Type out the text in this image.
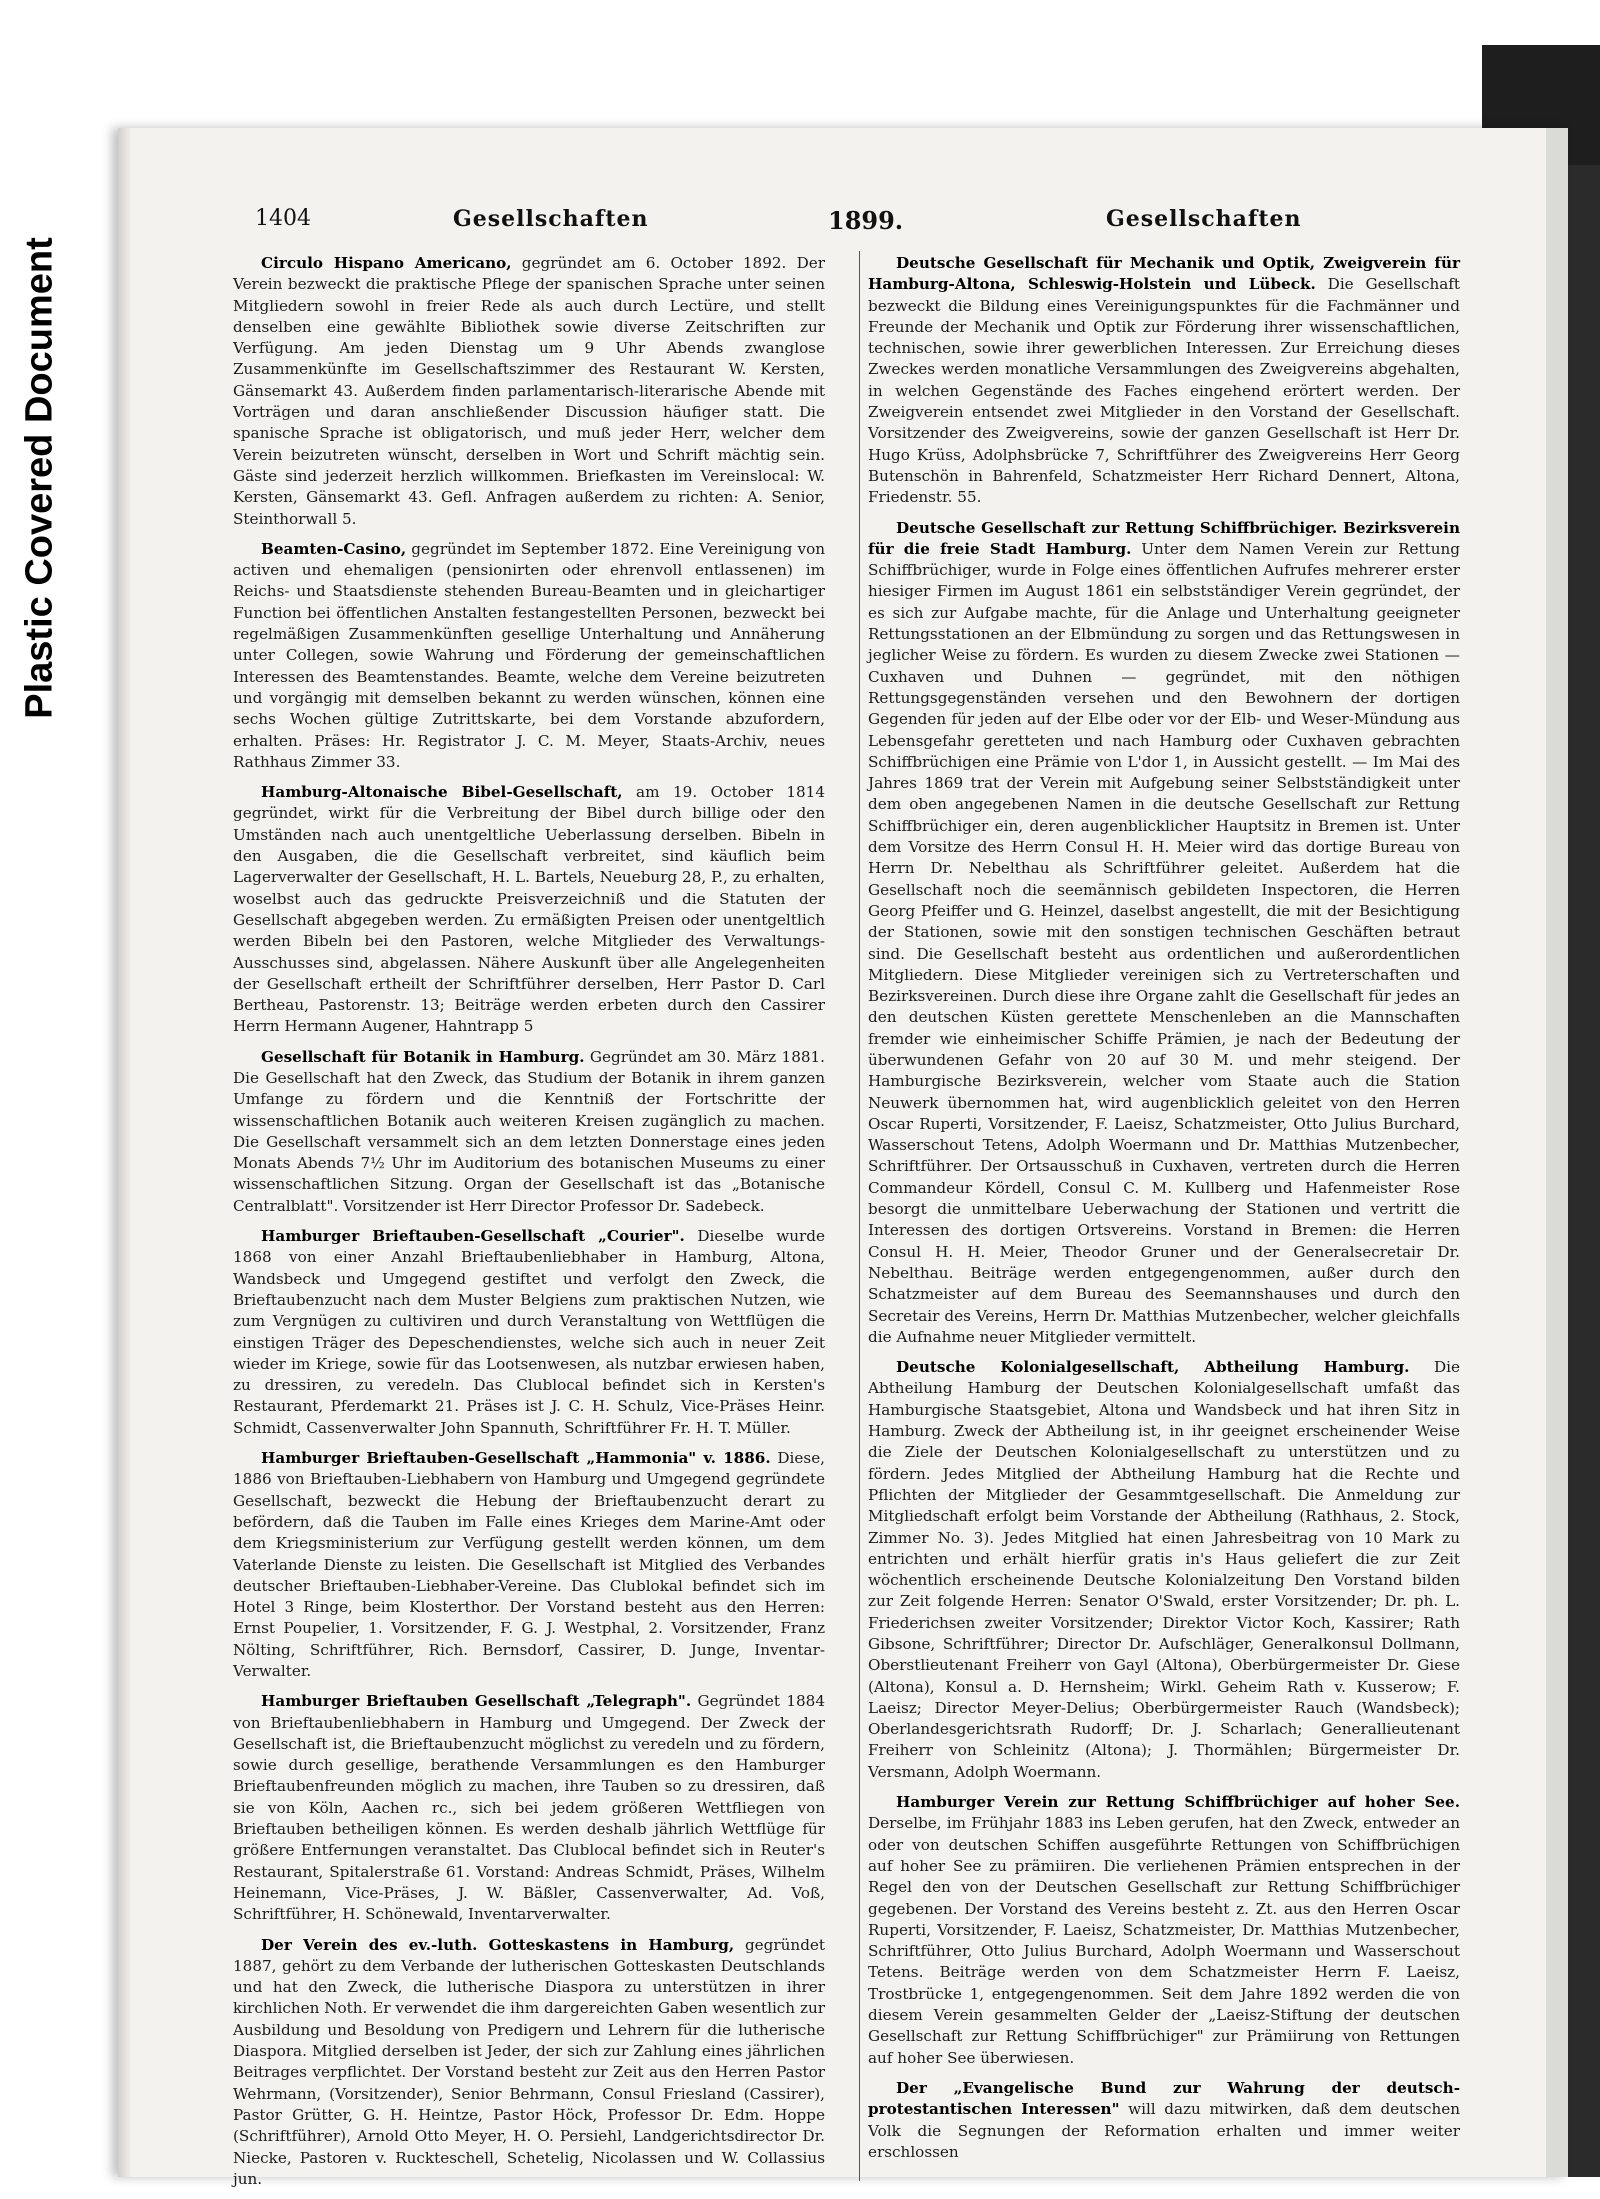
Plastic Covered Document
1404	Gesellschaften	1899.	Gesellschaften

Circulo Hispano Americano, gegründet am 6. October 1892. Der Verein bezweckt die praktische Pflege der spanischen Sprache unter seinen Mitgliedern sowohl in freier Rede als auch durch Lectüre, und stellt denselben eine gewählte Bibliothek sowie diverse Zeitschriften zur Verfügung. Am jeden Dienstag um 9 Uhr Abends zwanglose Zusammenkünfte im Gesellschaftszimmer des Restaurant W. Kersten, Gänsemarkt 43. Außerdem finden parlamentarisch-literarische Abende mit Vorträgen und daran anschließender Discussion häufiger statt. Die spanische Sprache ist obligatorisch, und muß jeder Herr, welcher dem Verein beizutreten wünscht, derselben in Wort und Schrift mächtig sein. Gäste sind jederzeit herzlich willkommen. Briefkasten im Vereinslocal: W. Kersten, Gänsemarkt 43. Gefl. Anfragen außerdem zu richten: A. Senior, Steinthorwall 5.

Beamten-Casino, gegründet im September 1872. Eine Vereinigung von activen und ehemaligen (pensionirten oder ehrenvoll entlassenen) im Reichs- und Staatsdienste stehenden Bureau-Beamten und in gleichartiger Function bei öffentlichen Anstalten festangestellten Personen, bezweckt bei regelmäßigen Zusammenkünften gesellige Unterhaltung und Annäherung unter Collegen, sowie Wahrung und Förderung der gemeinschaftlichen Interessen des Beamtenstandes. Beamte, welche dem Vereine beizutreten und vorgängig mit demselben bekannt zu werden wünschen, können eine sechs Wochen gültige Zutrittskarte, bei dem Vorstande abzufordern, erhalten. Präses: Hr. Registrator J. C. M. Meyer, Staats-Archiv, neues Rathhaus Zimmer 33.

Hamburg-Altonaische Bibel-Gesellschaft, am 19. October 1814 gegründet, wirkt für die Verbreitung der Bibel durch billige oder den Umständen nach auch unentgeltliche Ueberlassung derselben. Bibeln in den Ausgaben, die die Gesellschaft verbreitet, sind käuflich beim Lagerverwalter der Gesellschaft, H. L. Bartels, Neueburg 28, P., zu erhalten, woselbst auch das gedruckte Preisverzeichniß und die Statuten der Gesellschaft abgegeben werden. Zu ermäßigten Preisen oder unentgeltlich werden Bibeln bei den Pastoren, welche Mitglieder des Verwaltungs-Ausschusses sind, abgelassen. Nähere Auskunft über alle Angelegenheiten der Gesellschaft ertheilt der Schriftführer derselben, Herr Pastor D. Carl Bertheau, Pastorenstr. 13; Beiträge werden erbeten durch den Cassirer Herrn Hermann Augener, Hahntrapp 5

Gesellschaft für Botanik in Hamburg. Gegründet am 30. März 1881. Die Gesellschaft hat den Zweck, das Studium der Botanik in ihrem ganzen Umfange zu fördern und die Kenntniß der Fortschritte der wissenschaftlichen Botanik auch weiteren Kreisen zugänglich zu machen. Die Gesellschaft versammelt sich an dem letzten Donnerstage eines jeden Monats Abends 7½ Uhr im Auditorium des botanischen Museums zu einer wissenschaftlichen Sitzung. Organ der Gesellschaft ist das „Botanische Centralblatt". Vorsitzender ist Herr Director Professor Dr. Sadebeck.

Hamburger Brieftauben-Gesellschaft „Courier". Dieselbe wurde 1868 von einer Anzahl Brieftaubenliebhaber in Hamburg, Altona, Wandsbeck und Umgegend gestiftet und verfolgt den Zweck, die Brieftaubenzucht nach dem Muster Belgiens zum praktischen Nutzen, wie zum Vergnügen zu cultiviren und durch Veranstaltung von Wettflügen die einstigen Träger des Depeschendienstes, welche sich auch in neuer Zeit wieder im Kriege, sowie für das Lootsenwesen, als nutzbar erwiesen haben, zu dressiren, zu veredeln. Das Clublocal befindet sich in Kersten's Restaurant, Pferdemarkt 21. Präses ist J. C. H. Schulz, Vice-Präses Heinr. Schmidt, Cassenverwalter John Spannuth, Schriftführer Fr. H. T. Müller.

Hamburger Brieftauben-Gesellschaft „Hammonia" v. 1886. Diese, 1886 von Brieftauben-Liebhabern von Hamburg und Umgegend gegründete Gesellschaft, bezweckt die Hebung der Brieftaubenzucht derart zu befördern, daß die Tauben im Falle eines Krieges dem Marine-Amt oder dem Kriegsministerium zur Verfügung gestellt werden können, um dem Vaterlande Dienste zu leisten. Die Gesellschaft ist Mitglied des Verbandes deutscher Brieftauben-Liebhaber-Vereine. Das Clublokal befindet sich im Hotel 3 Ringe, beim Klosterthor. Der Vorstand besteht aus den Herren: Ernst Poupelier, 1. Vorsitzender, F. G. J. Westphal, 2. Vorsitzender, Franz Nölting, Schriftführer, Rich. Bernsdorf, Cassirer, D. Junge, Inventar-Verwalter.

Hamburger Brieftauben Gesellschaft „Telegraph". Gegründet 1884 von Brieftaubenliebhabern in Hamburg und Umgegend. Der Zweck der Gesellschaft ist, die Brieftaubenzucht möglichst zu veredeln und zu fördern, sowie durch gesellige, berathende Versammlungen es den Hamburger Brieftaubenfreunden möglich zu machen, ihre Tauben so zu dressiren, daß sie von Köln, Aachen rc., sich bei jedem größeren Wettfliegen von Brieftauben betheiligen können. Es werden deshalb jährlich Wettflüge für größere Entfernungen veranstaltet. Das Clublocal befindet sich in Reuter's Restaurant, Spitalerstraße 61. Vorstand: Andreas Schmidt, Präses, Wilhelm Heinemann, Vice-Präses, J. W. Bäßler, Cassenverwalter, Ad. Voß, Schriftführer, H. Schönewald, Inventarverwalter.

Der Verein des ev.-luth. Gotteskastens in Hamburg, gegründet 1887, gehört zu dem Verbande der lutherischen Gotteskasten Deutschlands und hat den Zweck, die lutherische Diaspora zu unterstützen in ihrer kirchlichen Noth. Er verwendet die ihm dargereichten Gaben wesentlich zur Ausbildung und Besoldung von Predigern und Lehrern für die lutherische Diaspora. Mitglied derselben ist Jeder, der sich zur Zahlung eines jährlichen Beitrages verpflichtet. Der Vorstand besteht zur Zeit aus den Herren Pastor Wehrmann, (Vorsitzender), Senior Behrmann, Consul Friesland (Cassirer), Pastor Grütter, G. H. Heintze, Pastor Höck, Professor Dr. Edm. Hoppe (Schriftführer), Arnold Otto Meyer, H. O. Persiehl, Landgerichtsdirector Dr. Niecke, Pastoren v. Ruckteschell, Schetelig, Nicolassen und W. Collassius jun.

Deutsche Gesellschaft für Mechanik und Optik, Zweigverein für Hamburg-Altona, Schleswig-Holstein und Lübeck. Die Gesellschaft bezweckt die Bildung eines Vereinigungspunktes für die Fachmänner und Freunde der Mechanik und Optik zur Förderung ihrer wissenschaftlichen, technischen, sowie ihrer gewerblichen Interessen. Zur Erreichung dieses Zweckes werden monatliche Versammlungen des Zweigvereins abgehalten, in welchen Gegenstände des Faches eingehend erörtert werden. Der Zweigverein entsendet zwei Mitglieder in den Vorstand der Gesellschaft. Vorsitzender des Zweigvereins, sowie der ganzen Gesellschaft ist Herr Dr. Hugo Krüss, Adolphsbrücke 7, Schriftführer des Zweigvereins Herr Georg Butenschön in Bahrenfeld, Schatzmeister Herr Richard Dennert, Altona, Friedenstr. 55.

Deutsche Gesellschaft zur Rettung Schiffbrüchiger. Bezirksverein für die freie Stadt Hamburg. Unter dem Namen Verein zur Rettung Schiffbrüchiger, wurde in Folge eines öffentlichen Aufrufes mehrerer erster hiesiger Firmen im August 1861 ein selbstständiger Verein gegründet, der es sich zur Aufgabe machte, für die Anlage und Unterhaltung geeigneter Rettungsstationen an der Elbmündung zu sorgen und das Rettungswesen in jeglicher Weise zu fördern. Es wurden zu diesem Zwecke zwei Stationen — Cuxhaven und Duhnen — gegründet, mit den nöthigen Rettungsgegenständen versehen und den Bewohnern der dortigen Gegenden für jeden auf der Elbe oder vor der Elb- und Weser-Mündung aus Lebensgefahr geretteten und nach Hamburg oder Cuxhaven gebrachten Schiffbrüchigen eine Prämie von L'dor 1, in Aussicht gestellt. — Im Mai des Jahres 1869 trat der Verein mit Aufgebung seiner Selbstständigkeit unter dem oben angegebenen Namen in die deutsche Gesellschaft zur Rettung Schiffbrüchiger ein, deren augenblicklicher Hauptsitz in Bremen ist. Unter dem Vorsitze des Herrn Consul H. H. Meier wird das dortige Bureau von Herrn Dr. Nebelthau als Schriftführer geleitet. Außerdem hat die Gesellschaft noch die seemännisch gebildeten Inspectoren, die Herren Georg Pfeiffer und G. Heinzel, daselbst angestellt, die mit der Besichtigung der Stationen, sowie mit den sonstigen technischen Geschäften betraut sind. Die Gesellschaft besteht aus ordentlichen und außerordentlichen Mitgliedern. Diese Mitglieder vereinigen sich zu Vertreterschaften und Bezirksvereinen. Durch diese ihre Organe zahlt die Gesellschaft für jedes an den deutschen Küsten gerettete Menschenleben an die Mannschaften fremder wie einheimischer Schiffe Prämien, je nach der Bedeutung der überwundenen Gefahr von 20 auf 30 M. und mehr steigend. Der Hamburgische Bezirksverein, welcher vom Staate auch die Station Neuwerk übernommen hat, wird augenblicklich geleitet von den Herren Oscar Ruperti, Vorsitzender, F. Laeisz, Schatzmeister, Otto Julius Burchard, Wasserschout Tetens, Adolph Woermann und Dr. Matthias Mutzenbecher, Schriftführer. Der Ortsausschuß in Cuxhaven, vertreten durch die Herren Commandeur Kördell, Consul C. M. Kullberg und Hafenmeister Rose besorgt die unmittelbare Ueberwachung der Stationen und vertritt die Interessen des dortigen Ortsvereins. Vorstand in Bremen: die Herren Consul H. H. Meier, Theodor Gruner und der Generalsecretair Dr. Nebelthau. Beiträge werden entgegengenommen, außer durch den Schatzmeister auf dem Bureau des Seemannshauses und durch den Secretair des Vereins, Herrn Dr. Matthias Mutzenbecher, welcher gleichfalls die Aufnahme neuer Mitglieder vermittelt.

Deutsche Kolonialgesellschaft, Abtheilung Hamburg. Die Abtheilung Hamburg der Deutschen Kolonialgesellschaft umfaßt das Hamburgische Staatsgebiet, Altona und Wandsbeck und hat ihren Sitz in Hamburg. Zweck der Abtheilung ist, in ihr geeignet erscheinender Weise die Ziele der Deutschen Kolonialgesellschaft zu unterstützen und zu fördern. Jedes Mitglied der Abtheilung Hamburg hat die Rechte und Pflichten der Mitglieder der Gesammtgesellschaft. Die Anmeldung zur Mitgliedschaft erfolgt beim Vorstande der Abtheilung (Rathhaus, 2. Stock, Zimmer No. 3). Jedes Mitglied hat einen Jahresbeitrag von 10 Mark zu entrichten und erhält hierfür gratis in's Haus geliefert die zur Zeit wöchentlich erscheinende Deutsche Kolonialzeitung Den Vorstand bilden zur Zeit folgende Herren: Senator O'Swald, erster Vorsitzender; Dr. ph. L. Friederichsen zweiter Vorsitzender; Direktor Victor Koch, Kassirer; Rath Gibsone, Schriftführer; Director Dr. Aufschläger, Generalkonsul Dollmann, Oberstlieutenant Freiherr von Gayl (Altona), Oberbürgermeister Dr. Giese (Altona), Konsul a. D. Hernsheim; Wirkl. Geheim Rath v. Kusserow; F. Laeisz; Director Meyer-Delius; Oberbürgermeister Rauch (Wandsbeck); Oberlandesgerichtsrath Rudorff; Dr. J. Scharlach; Generallieutenant Freiherr von Schleinitz (Altona); J. Thormählen; Bürgermeister Dr. Versmann, Adolph Woermann.

Hamburger Verein zur Rettung Schiffbrüchiger auf hoher See. Derselbe, im Frühjahr 1883 ins Leben gerufen, hat den Zweck, entweder an oder von deutschen Schiffen ausgeführte Rettungen von Schiffbrüchigen auf hoher See zu prämiiren. Die verliehenen Prämien entsprechen in der Regel den von der Deutschen Gesellschaft zur Rettung Schiffbrüchiger gegebenen. Der Vorstand des Vereins besteht z. Zt. aus den Herren Oscar Ruperti, Vorsitzender, F. Laeisz, Schatzmeister, Dr. Matthias Mutzenbecher, Schriftführer, Otto Julius Burchard, Adolph Woermann und Wasserschout Tetens. Beiträge werden von dem Schatzmeister Herrn F. Laeisz, Trostbrücke 1, entgegengenommen. Seit dem Jahre 1892 werden die von diesem Verein gesammelten Gelder der „Laeisz-Stiftung der deutschen Gesellschaft zur Rettung Schiffbrüchiger" zur Prämiirung von Rettungen auf hoher See überwiesen.

Der „Evangelische Bund zur Wahrung der deutsch-protestantischen Interessen" will dazu mitwirken, daß dem deutschen Volk die Segnungen der Reformation erhalten und immer weiter erschlossen
